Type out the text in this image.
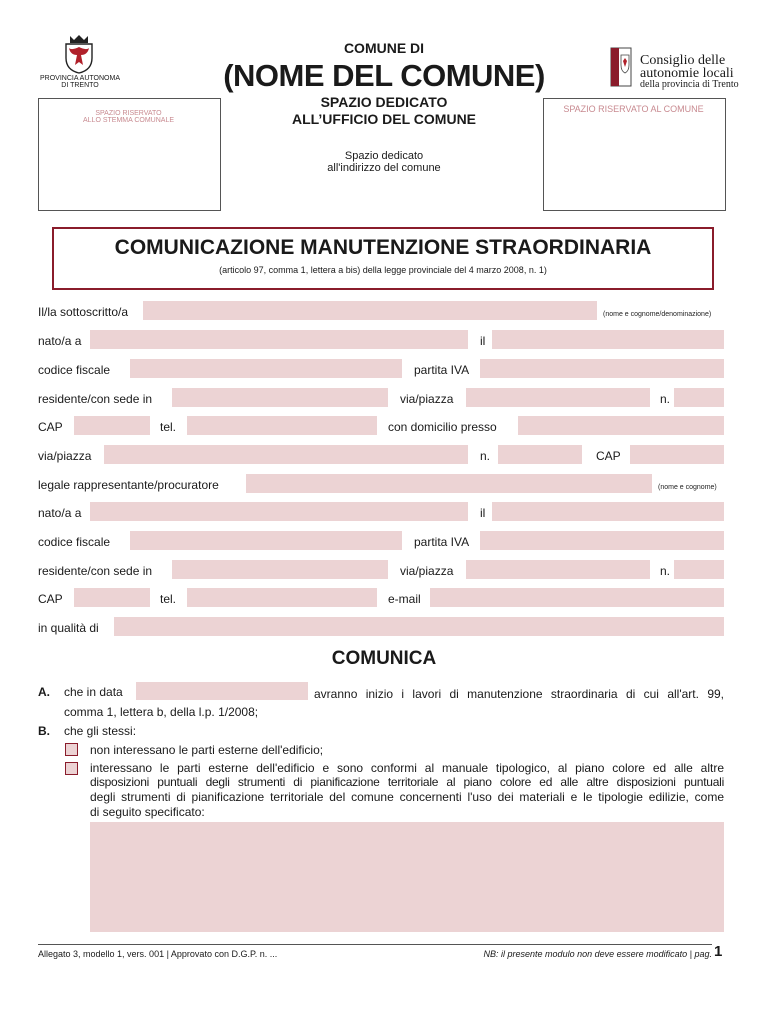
PROVINCIA AUTONOMA
DI TRENTO
SPAZIO RISERVATO
ALLO STEMMA COMUNALE
COMUNE DI
(NOME DEL COMUNE)
SPAZIO DEDICATO
ALL’UFFICIO DEL COMUNE
Spazio dedicato
all'indirizzo del comune
Consiglio delle
autonomie locali
della provincia di Trento
SPAZIO RISERVATO AL COMUNE
COMUNICAZIONE MANUTENZIONE STRAORDINARIA
(articolo 97, comma 1, lettera a bis) della legge provinciale del 4 marzo 2008, n. 1)
Il/la sottoscritto/a	(nome e cognome/denominazione)
nato/a a	il
codice fiscale	partita IVA
residente/con sede in	via/piazza	n.
CAP	tel.	con domicilio presso
via/piazza	n.	CAP
legale rappresentante/procuratore	(nome e cognome)
nato/a a	il
codice fiscale	partita IVA
residente/con sede in	via/piazza	n.
CAP	tel.	e-mail
in qualità di
COMUNICA
A. che in data	avranno inizio i lavori di manutenzione straordinaria di cui all'art. 99,
comma 1, lettera b, della l.p. 1/2008;
B. che gli stessi:
non interessano le parti esterne dell'edificio;
interessano le parti esterne dell'edificio e sono conformi al manuale tipologico, al piano colore ed alle altre
disposizioni puntuali degli strumenti di pianificazione territoriale al piano colore ed alle altre disposizioni puntuali
degli strumenti di pianificazione territoriale del comune concernenti l'uso dei materiali e le tipologie edilizie, come
di seguito specificato:
Allegato 3, modello 1, vers. 001 | Approvato con D.G.P. n. ...	NB: il presente modulo non deve essere modificato | pag. 1
